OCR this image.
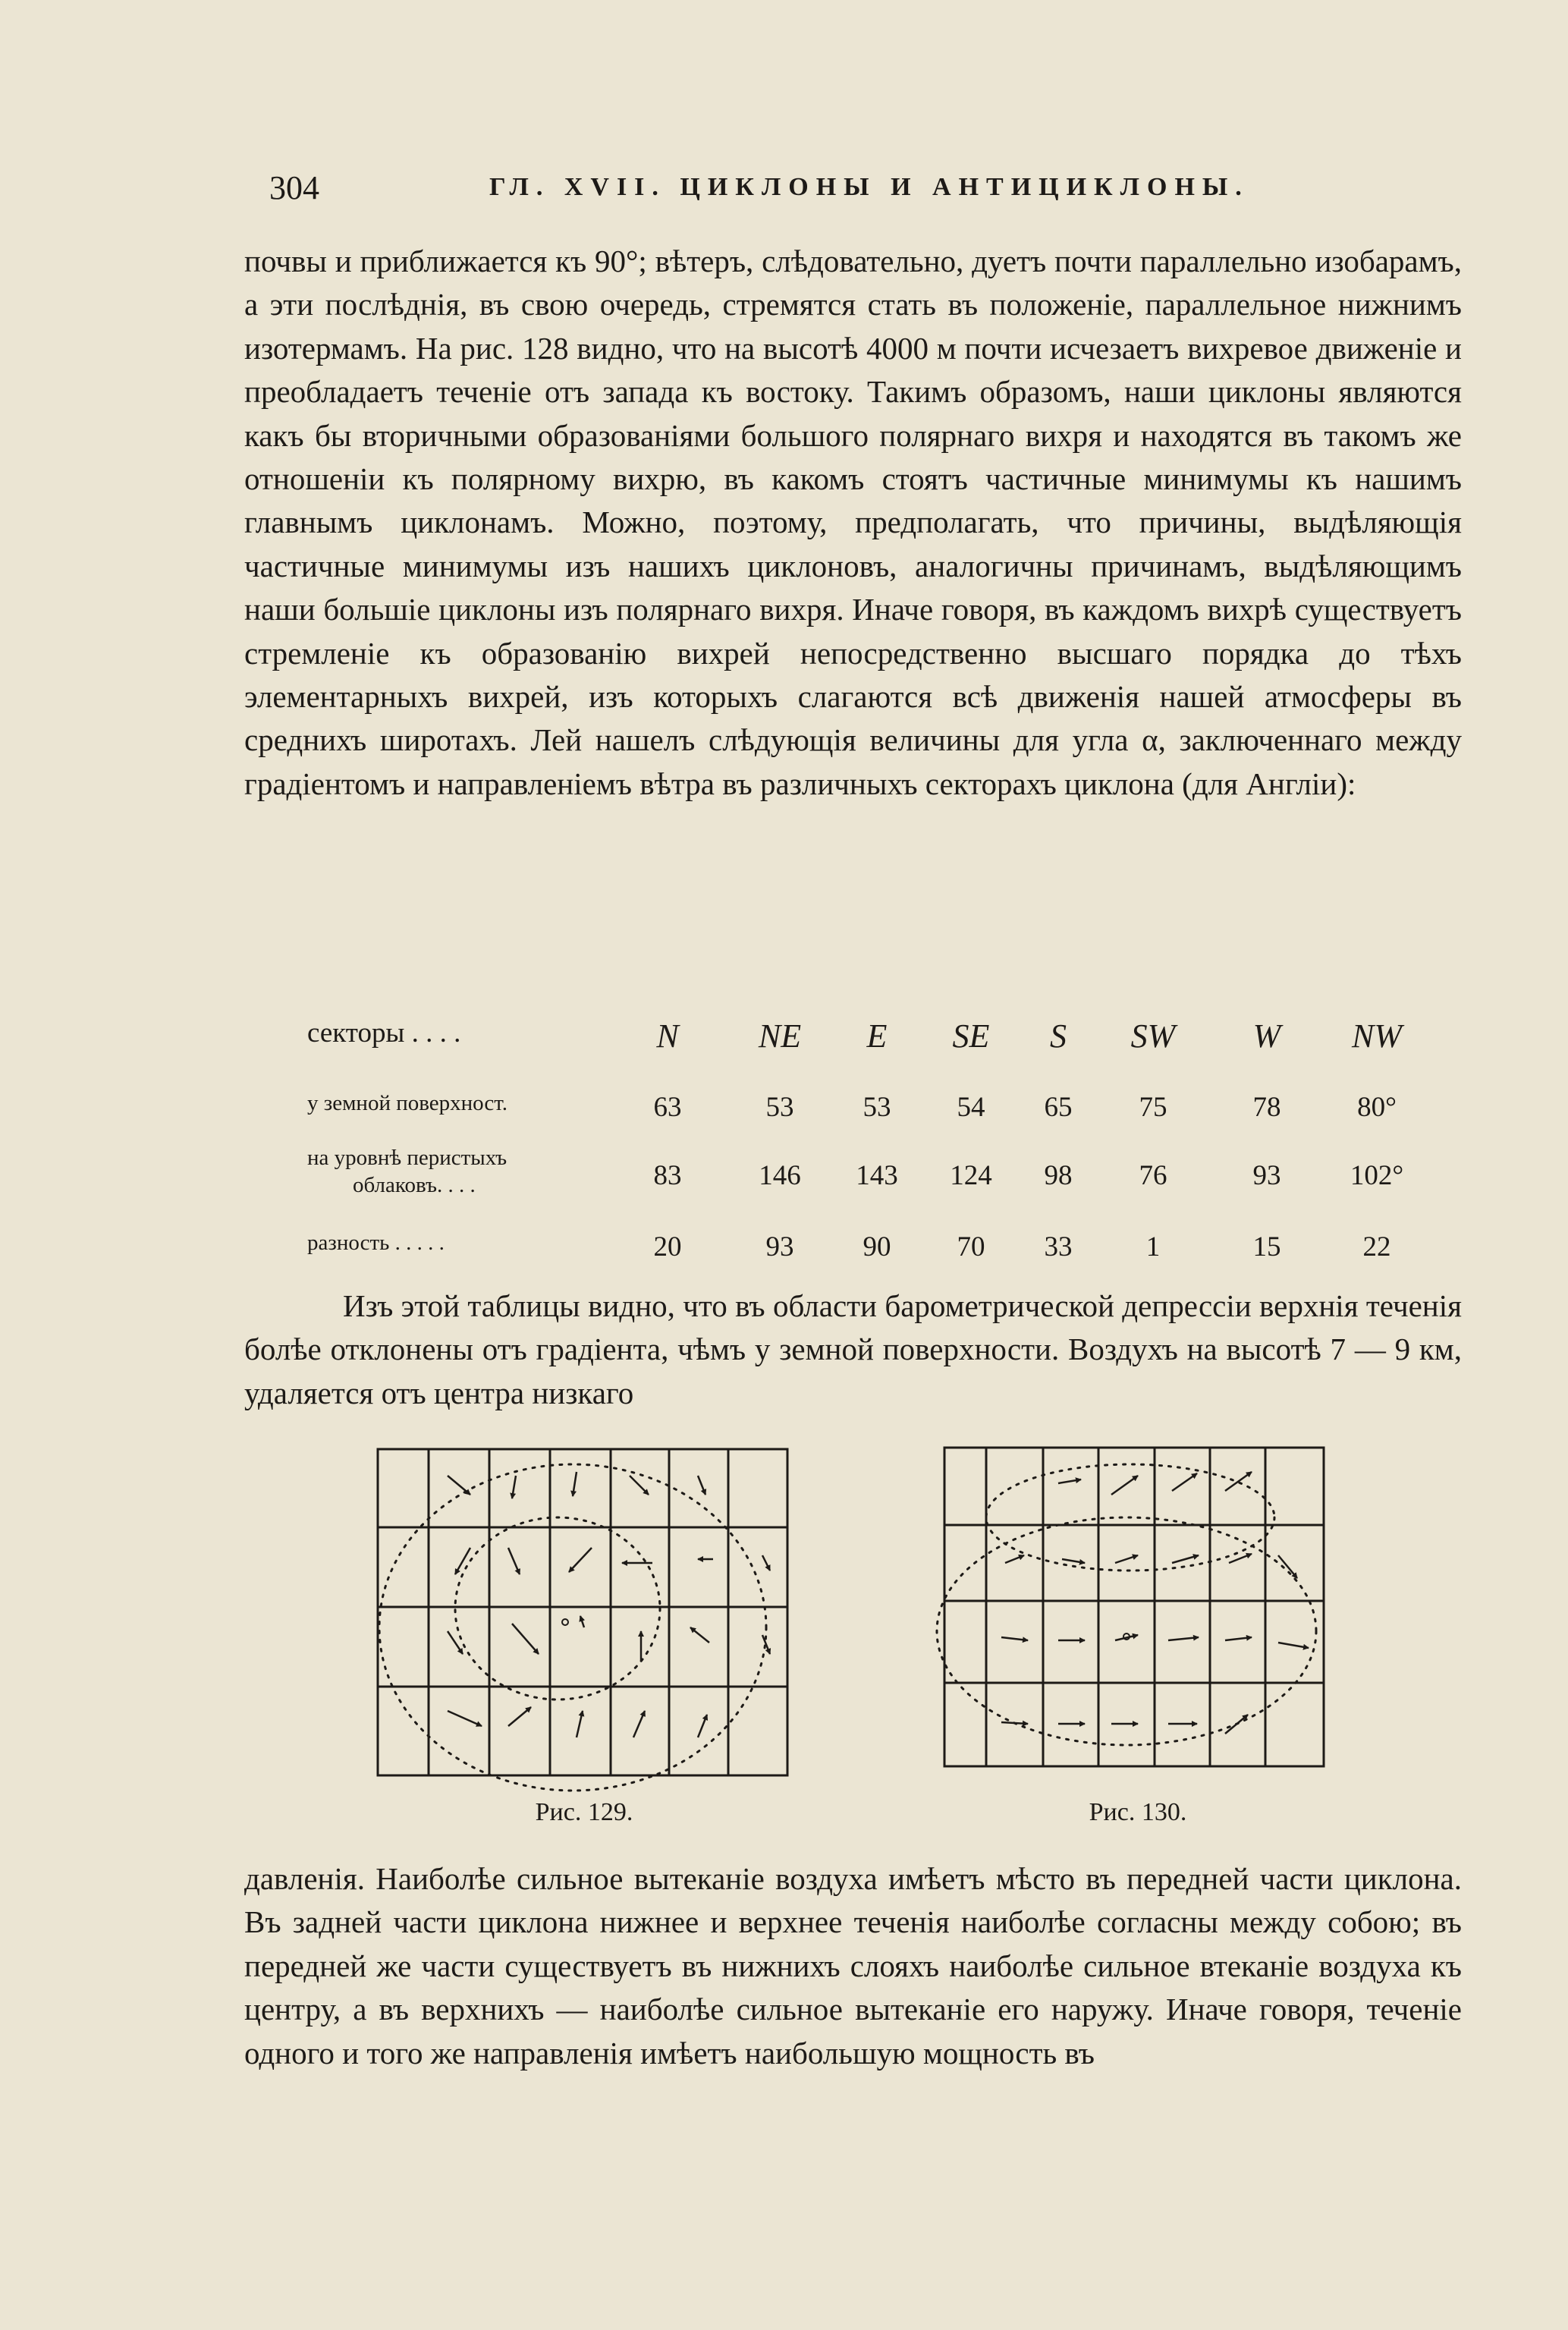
304	ГЛ. XVII. ЦИКЛОНЫ И АНТИЦИКЛОНЫ.
почвы и приближается къ 90°; вѣтеръ, слѣдовательно, дуетъ почти параллельно изобарамъ, а эти послѣднія, въ свою очередь, стремятся стать въ положеніе, параллельное нижнимъ изотермамъ. На рис. 128 видно, что на высотѣ 4000 м почти исчезаетъ вихревое движеніе и преобладаетъ теченіе отъ запада къ востоку. Такимъ образомъ, наши циклоны являются какъ бы вторичными образованіями большого полярнаго вихря и находятся въ такомъ же отношеніи къ полярному вихрю, въ какомъ стоятъ частичные минимумы къ нашимъ главнымъ циклонамъ. Можно, поэтому, предполагать, что причины, выдѣляющія частичные минимумы изъ нашихъ циклоновъ, аналогичны причинамъ, выдѣляющимъ наши большіе циклоны изъ полярнаго вихря. Иначе говоря, въ каждомъ вихрѣ существуетъ стремленіе къ образованію вихрей непосредственно высшаго порядка до тѣхъ элементарныхъ вихрей, изъ которыхъ слагаются всѣ движенія нашей атмосферы въ среднихъ широтахъ. Лей нашелъ слѣдующія величины для угла α, заключеннаго между градіентомъ и направленіемъ вѣтра въ различныхъ секторахъ циклона (для Англіи):
секторы . . . .	N	NE	E	SE	S	SW	W	NW
у земной поверхност.	63	53	53	54	65	75	78	80°
на уровнѣ перистыхъ
облаковъ. . . .	83	146	143	124	98	76	93	102°
разность . . . . .	20	93	90	70	33	1	15	22
Изъ этой таблицы видно, что въ области барометрической депрессіи верхнія теченія болѣе отклонены отъ градіента, чѣмъ у земной поверхности. Воздухъ на высотѣ 7 — 9 км, удаляется отъ центра низкаго
Рис. 129.	Рис. 130.
давленія. Наиболѣе сильное вытеканіе воздуха имѣетъ мѣсто въ передней части циклона. Въ задней части циклона нижнее и верхнее теченія наиболѣе согласны между собою; въ передней же части существуетъ въ нижнихъ слояхъ наиболѣе сильное втеканіе воздуха къ центру, а въ верхнихъ — наиболѣе сильное вытеканіе его наружу. Иначе говоря, теченіе одного и того же направленія имѣетъ наибольшую мощность въ
